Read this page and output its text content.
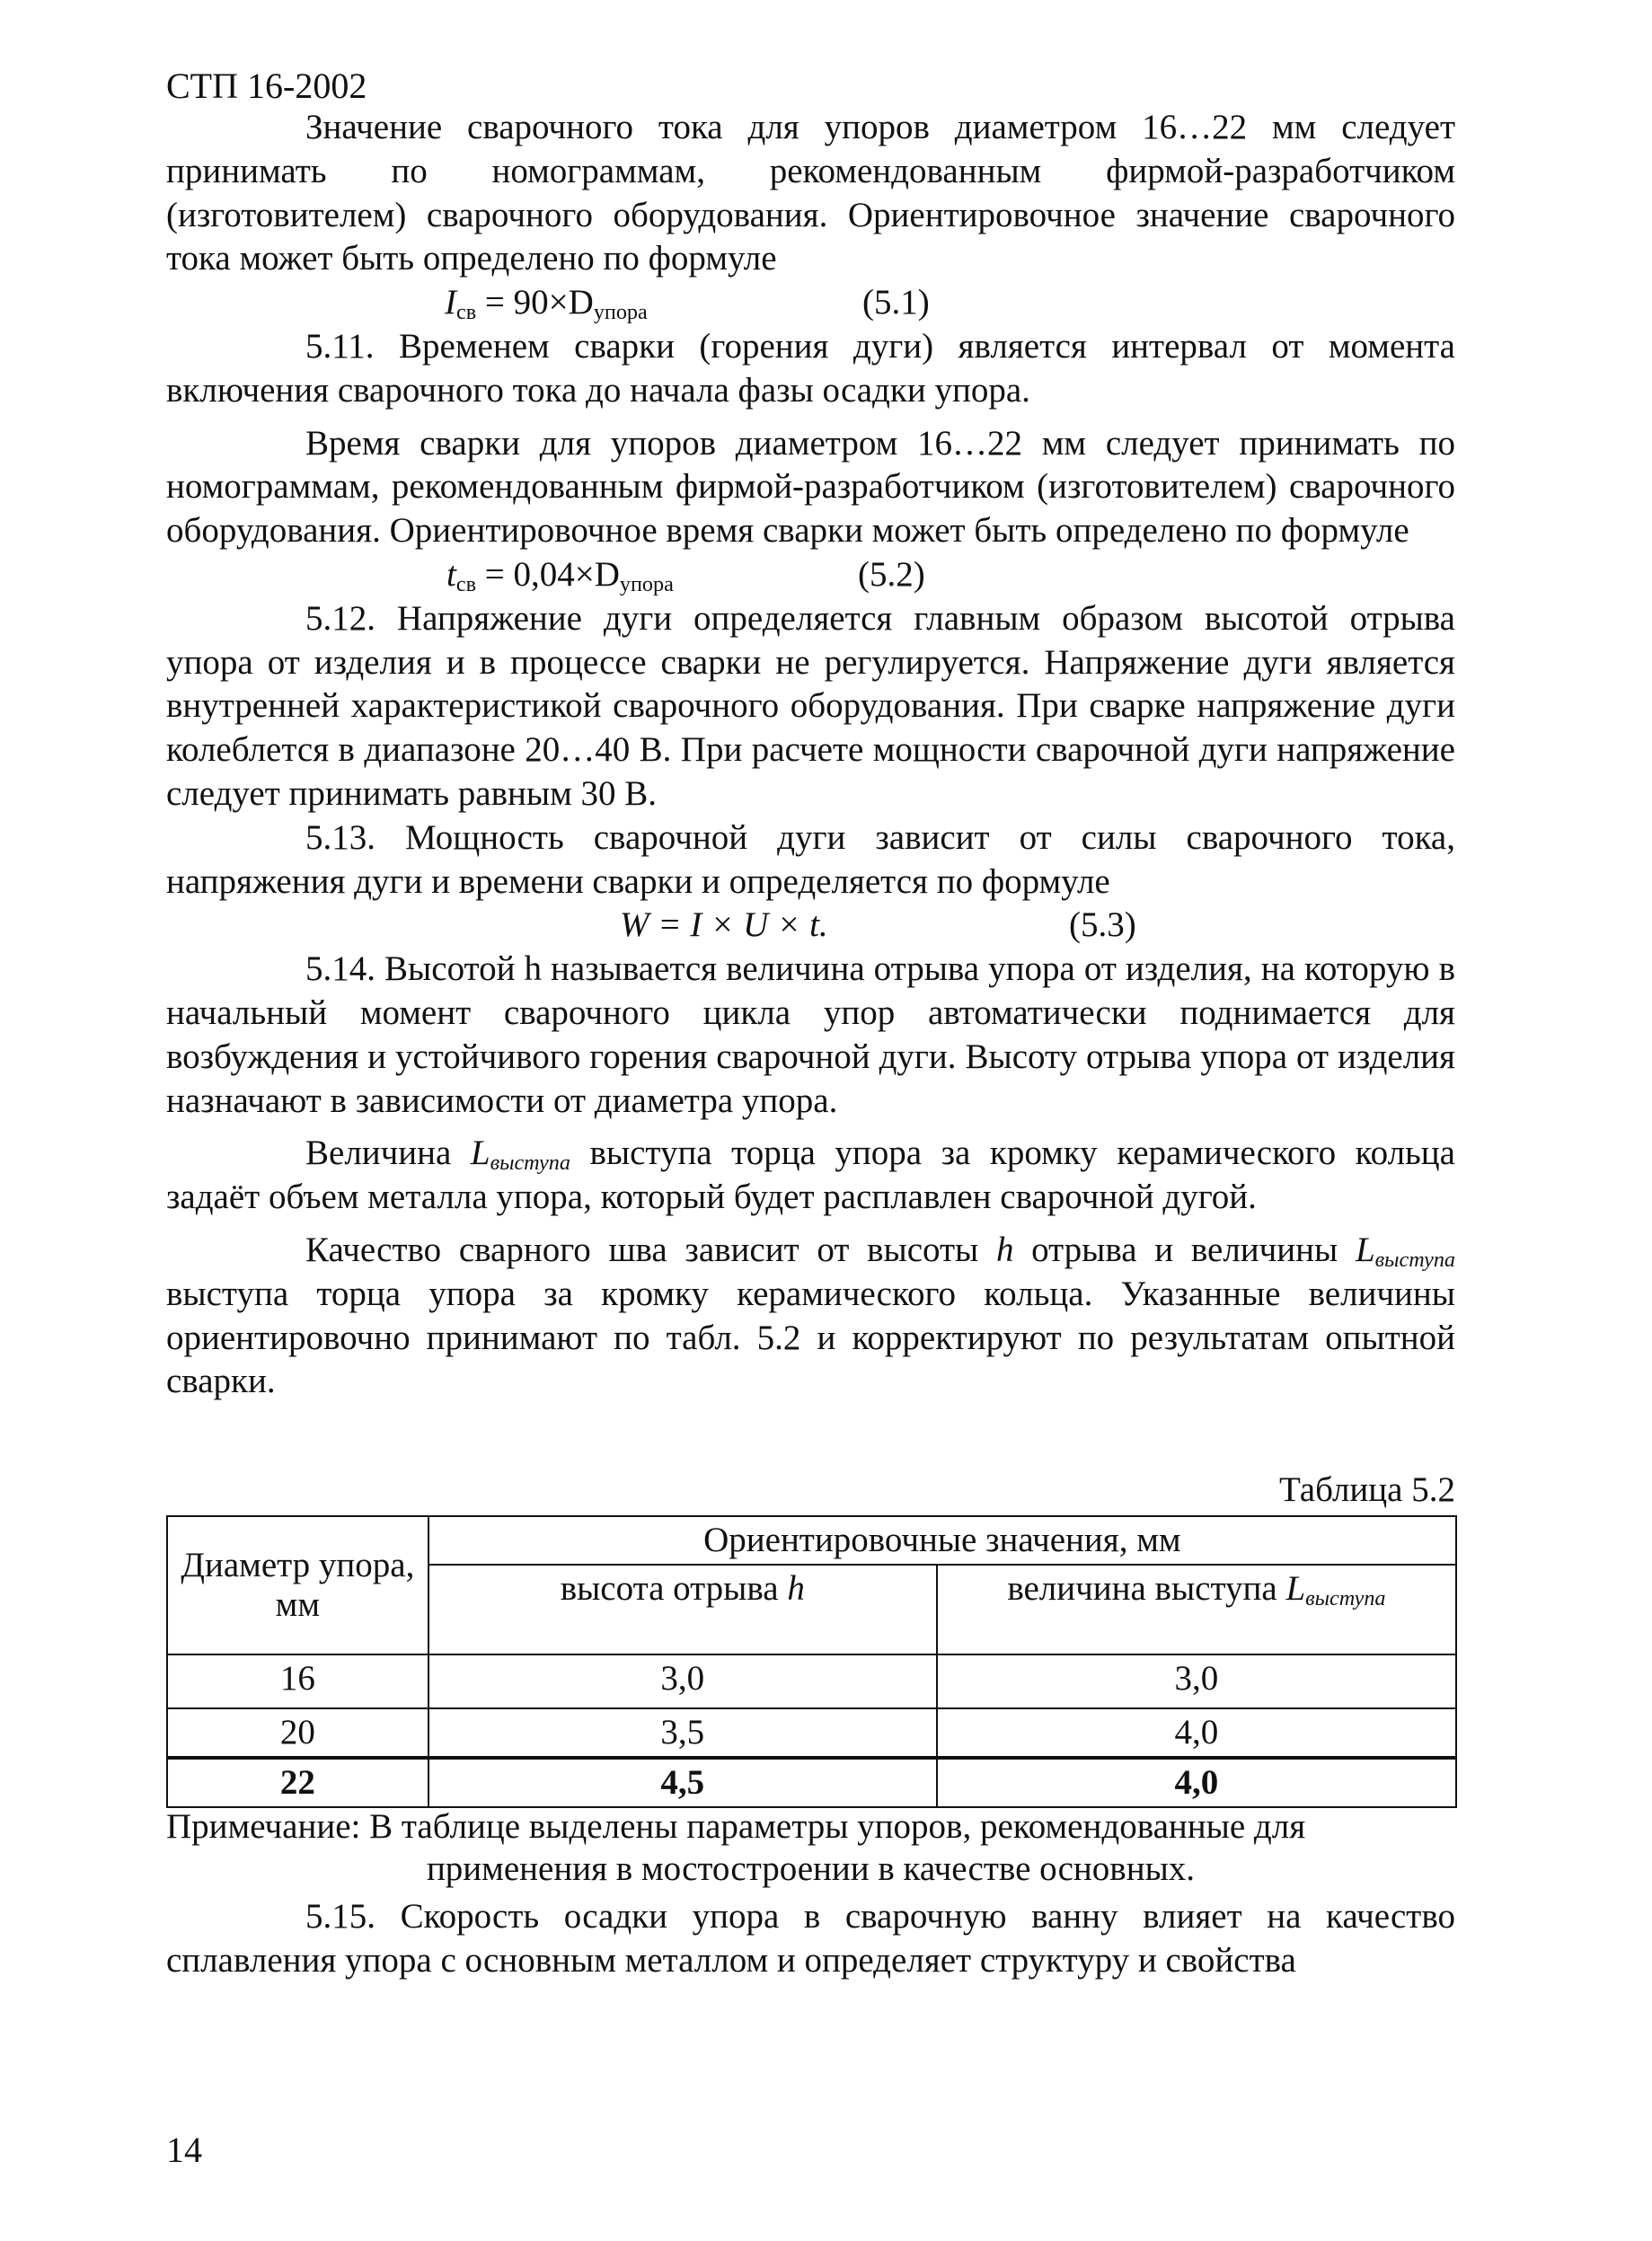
СТП 16-2002

Значение сварочного тока для упоров диаметром 16…22 мм следует принимать по номограммам, рекомендованным фирмой-разработчиком (изготовителем) сварочного оборудования. Ориентировочное значение сварочного тока может быть определено по формуле

$I_{св} = 90\times D_{упора}$	(5.1)

5.11. Временем сварки (горения дуги) является интервал от момента включения сварочного тока до начала фазы осадки упора.

Время сварки для упоров диаметром 16…22 мм следует принимать по номограммам, рекомендованным фирмой-разработчиком (изготовителем) сварочного оборудования. Ориентировочное время сварки может быть определено по формуле

$t_{св} = 0,04\times D_{упора}$	(5.2)

5.12. Напряжение дуги определяется главным образом высотой отрыва упора от изделия и в процессе сварки не регулируется. Напряжение дуги является внутренней характеристикой сварочного оборудования. При сварке напряжение дуги колеблется в диапазоне 20…40 В. При расчете мощности сварочной дуги напряжение следует принимать равным 30 В.

5.13. Мощность сварочной дуги зависит от силы сварочного тока, напряжения дуги и времени сварки и определяется по формуле

W = I × U × t.	(5.3)

5.14. Высотой h называется величина отрыва упора от изделия, на которую в начальный момент сварочного цикла упор автоматически поднимается для возбуждения и устойчивого горения сварочной дуги. Высоту отрыва упора от изделия назначают в зависимости от диаметра упора.

Величина $L_{выступа}$ выступа торца упора за кромку керамического кольца задаёт объем металла упора, который будет расплавлен сварочной дугой.

Качество сварного шва зависит от высоты h отрыва и величины $L_{выступа}$ выступа торца упора за кромку керамического кольца. Указанные величины ориентировочно принимают по табл. 5.2 и корректируют по результатам опытной сварки.

Таблица 5.2
Диаметр упора, мм	Ориентировочные значения, мм	
	высота отрыва h	величина выступа $L_{выступа}$
16	3,0	3,0
20	3,5	4,0
22	4,5	4,0

Примечание: В таблице выделены параметры упоров, рекомендованные для

применения в мостостроении в качестве основных.

5.15. Скорость осадки упора в сварочную ванну влияет на качество сплавления упора с основным металлом и определяет структуру и свойства

14
